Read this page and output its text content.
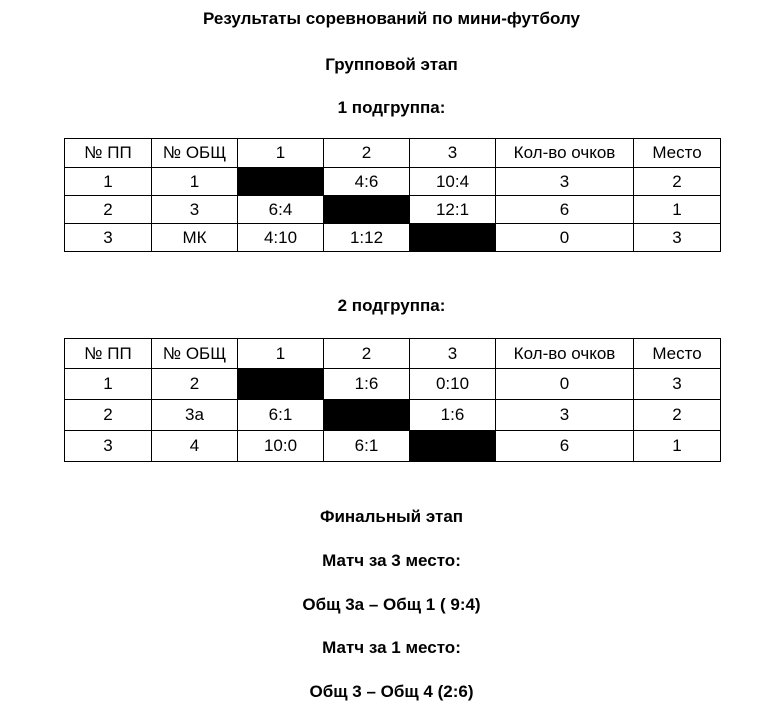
Результаты соревнований по мини-футболу
Групповой этап
1 подгруппа:
№ ПП	№ ОБЩ	1	2	3	Кол-во очков	Место
1	1		4:6	10:4	3	2
2	3	6:4		12:1	6	1
3	МК	4:10	1:12		0	3
2 подгруппа:
№ ПП	№ ОБЩ	1	2	3	Кол-во очков	Место
1	2		1:6	0:10	0	3
2	3а	6:1		1:6	3	2
3	4	10:0	6:1		6	1
Финальный этап
Матч за 3 место:

Общ 3а – Общ 1 ( 9:4)

Матч за 1 место:

Общ 3 – Общ 4 (2:6)
